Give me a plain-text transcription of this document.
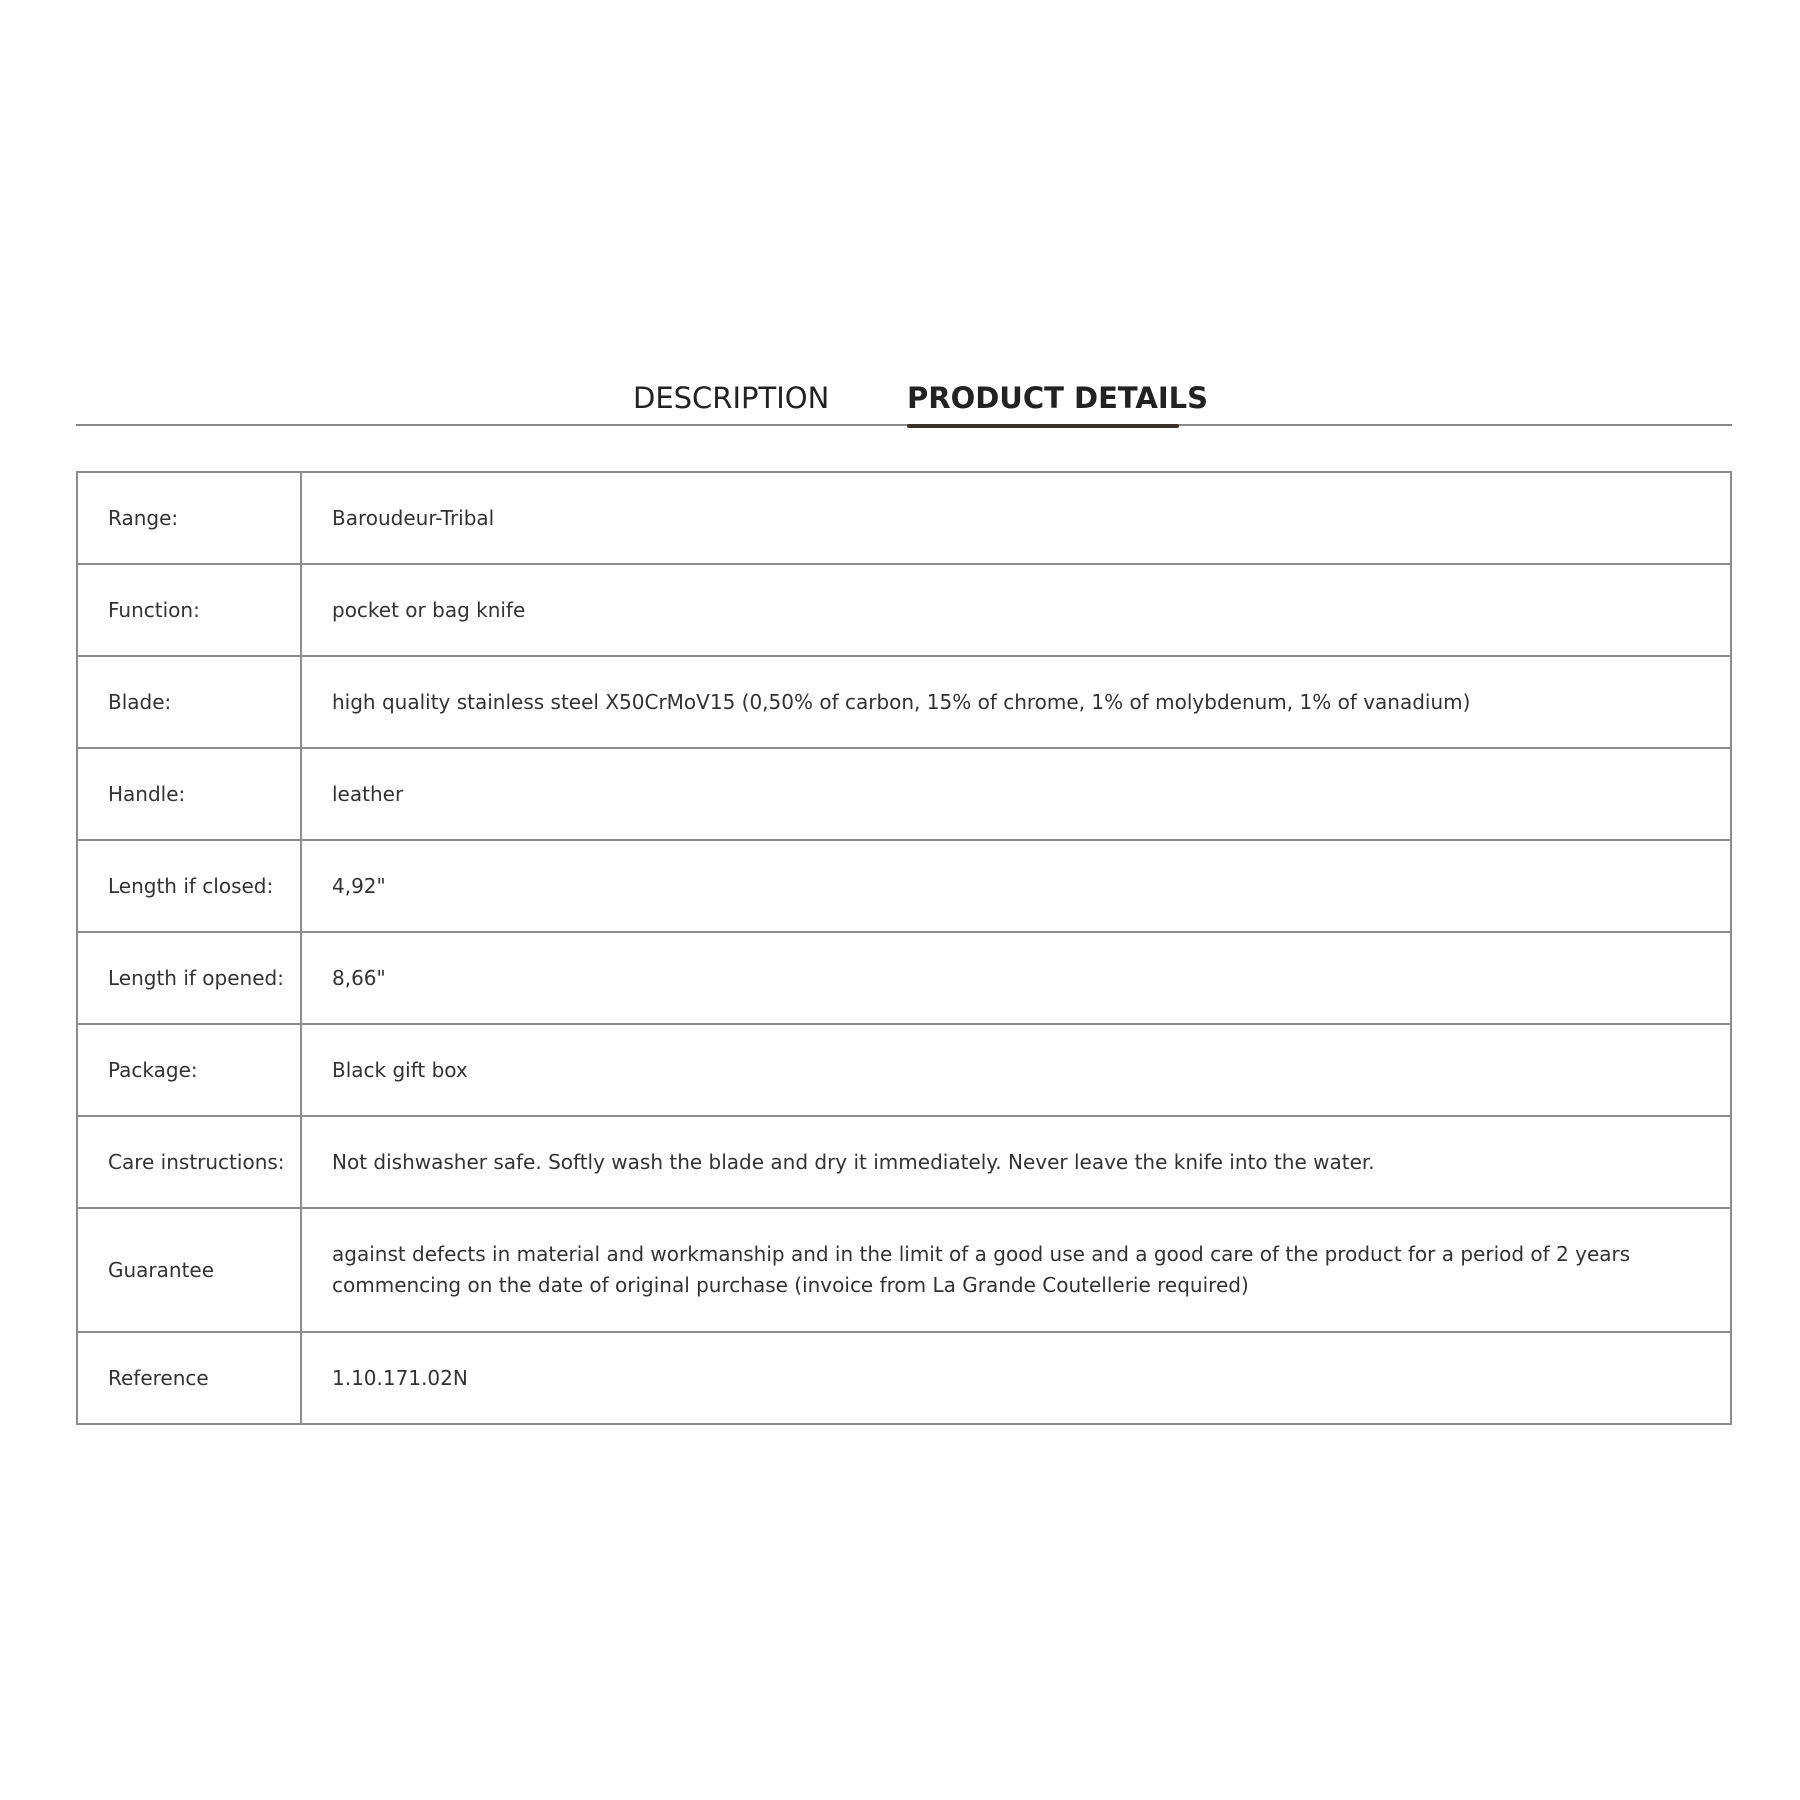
DESCRIPTION	PRODUCT DETAILS
Range:	Baroudeur-Tribal
Function:	pocket or bag knife
Blade:	high quality stainless steel X50CrMoV15 (0,50% of carbon, 15% of chrome, 1% of molybdenum, 1% of vanadium)
Handle:	leather
Length if closed:	4,92"
Length if opened:	8,66"
Package:	Black gift box
Care instructions:	Not dishwasher safe. Softly wash the blade and dry it immediately. Never leave the knife into the water.
Guarantee	against defects in material and workmanship and in the limit of a good use and a good care of the product for a period of 2 years commencing on the date of original purchase (invoice from La Grande Coutellerie required)
Reference	1.10.171.02N
